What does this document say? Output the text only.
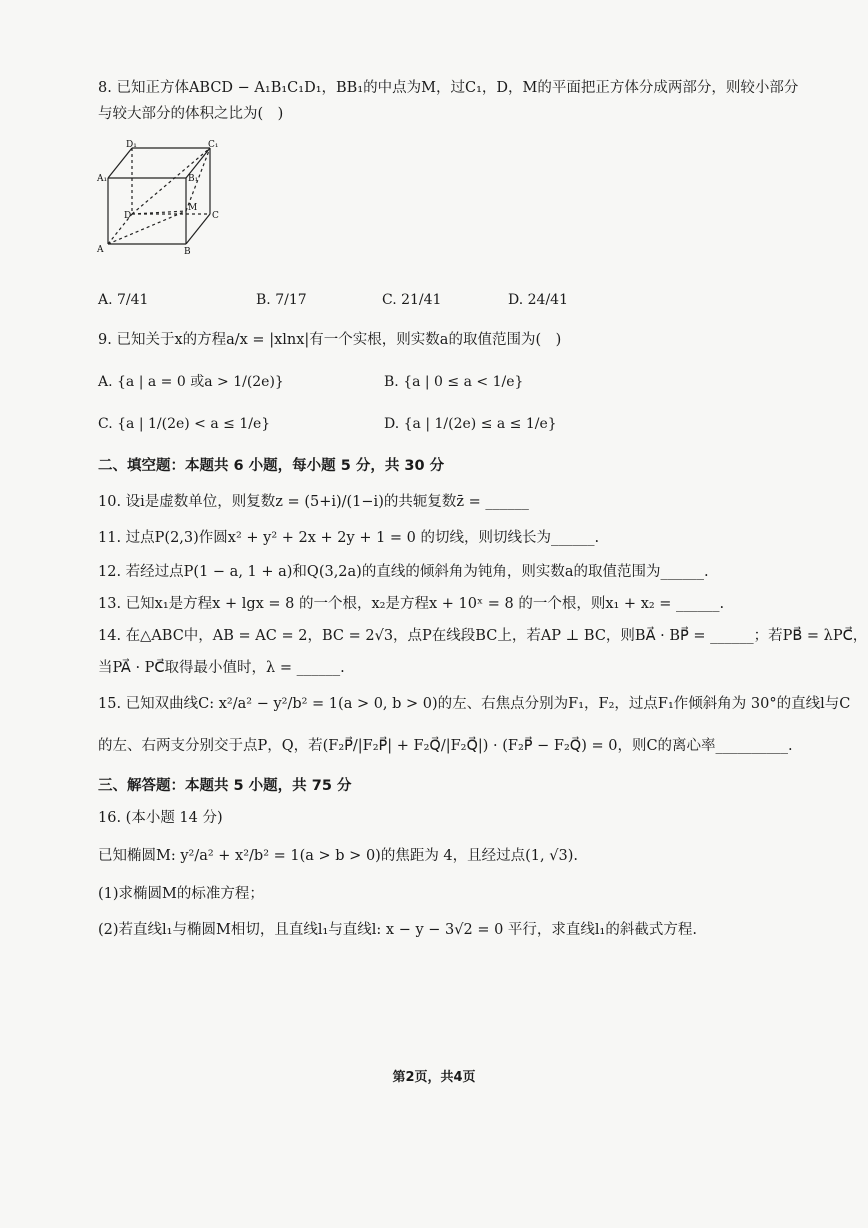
8. 已知正方体ABCD − A₁B₁C₁D₁，BB₁的中点为M，过C₁，D，M的平面把正方体分成两部分，则较小部分
与较大部分的体积之比为(　)
D₁	C₁
A₁	B₁
D
M
C
A	B
A. 7/41	B. 7/17	C. 21/41	D. 24/41
9. 已知关于x的方程a/x = |xlnx|有一个实根，则实数a的取值范围为(　)
A. {a | a = 0 或a > 1/(2e)}	B. {a | 0 ≤ a < 1/e}
C. {a | 1/(2e) < a ≤ 1/e}	D. {a | 1/(2e) ≤ a ≤ 1/e}
二、填空题：本题共 6 小题，每小题 5 分，共 30 分
10. 设i是虚数单位，则复数z = (5+i)/(1−i)的共轭复数z̄ = ______
11. 过点P(2,3)作圆x² + y² + 2x + 2y + 1 = 0 的切线，则切线长为______.
12. 若经过点P(1 − a, 1 + a)和Q(3,2a)的直线的倾斜角为钝角，则实数a的取值范围为______.
13. 已知x₁是方程x + lgx = 8 的一个根，x₂是方程x + 10ˣ = 8 的一个根，则x₁ + x₂ = ______.
14. 在△ABC中，AB = AC = 2，BC = 2√3，点P在线段BC上，若AP ⊥ BC，则BA⃗ · BP⃗ = ______；若PB⃗ = λPC⃗，
当PA⃗ · PC⃗取得最小值时，λ = ______.
15. 已知双曲线C: x²/a² − y²/b² = 1(a > 0, b > 0)的左、右焦点分别为F₁，F₂，过点F₁作倾斜角为 30°的直线l与C
的左、右两支分别交于点P，Q，若(F₂P⃗/|F₂P⃗| + F₂Q⃗/|F₂Q⃗|) · (F₂P⃗ − F₂Q⃗) = 0，则C的离心率__________.
三、解答题：本题共 5 小题，共 75 分
16. (本小题 14 分)
已知椭圆M: y²/a² + x²/b² = 1(a > b > 0)的焦距为 4，且经过点(1, √3).
(1)求椭圆M的标准方程；
(2)若直线l₁与椭圆M相切，且直线l₁与直线l: x − y − 3√2 = 0 平行，求直线l₁的斜截式方程.
第2页，共4页
